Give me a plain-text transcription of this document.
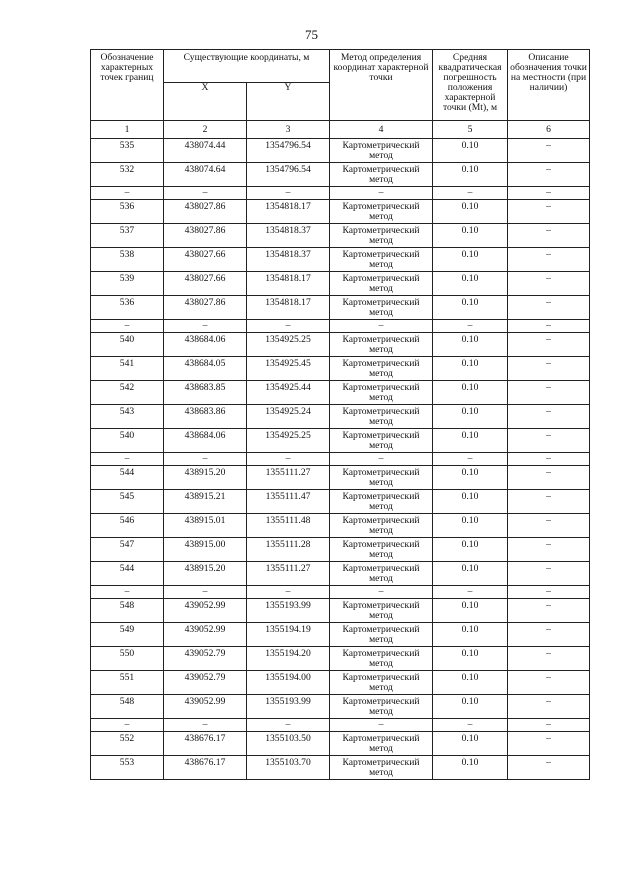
75
Обозначение характерных точек границ	Существующие координаты, м		Метод определения координат характерной точки	Средняя квадратическая погрешность положения характерной точки (Mt), м	Описание обозначения точки на местности (при наличии)
	X	Y			
1	2	3	4	5	6
535	438074.44	1354796.54	Картометрический метод	0.10	–
532	438074.64	1354796.54	Картометрический метод	0.10	–
–	–	–	–	–	–
536	438027.86	1354818.17	Картометрический метод	0.10	–
537	438027.86	1354818.37	Картометрический метод	0.10	–
538	438027.66	1354818.37	Картометрический метод	0.10	–
539	438027.66	1354818.17	Картометрический метод	0.10	–
536	438027.86	1354818.17	Картометрический метод	0.10	–
–	–	–	–	–	–
540	438684.06	1354925.25	Картометрический метод	0.10	–
541	438684.05	1354925.45	Картометрический метод	0.10	–
542	438683.85	1354925.44	Картометрический метод	0.10	–
543	438683.86	1354925.24	Картометрический метод	0.10	–
540	438684.06	1354925.25	Картометрический метод	0.10	–
–	–	–	–	–	–
544	438915.20	1355111.27	Картометрический метод	0.10	–
545	438915.21	1355111.47	Картометрический метод	0.10	–
546	438915.01	1355111.48	Картометрический метод	0.10	–
547	438915.00	1355111.28	Картометрический метод	0.10	–
544	438915.20	1355111.27	Картометрический метод	0.10	–
–	–	–	–	–	–
548	439052.99	1355193.99	Картометрический метод	0.10	–
549	439052.99	1355194.19	Картометрический метод	0.10	–
550	439052.79	1355194.20	Картометрический метод	0.10	–
551	439052.79	1355194.00	Картометрический метод	0.10	–
548	439052.99	1355193.99	Картометрический метод	0.10	–
–	–	–	–	–	–
552	438676.17	1355103.50	Картометрический метод	0.10	–
553	438676.17	1355103.70	Картометрический метод	0.10	–
